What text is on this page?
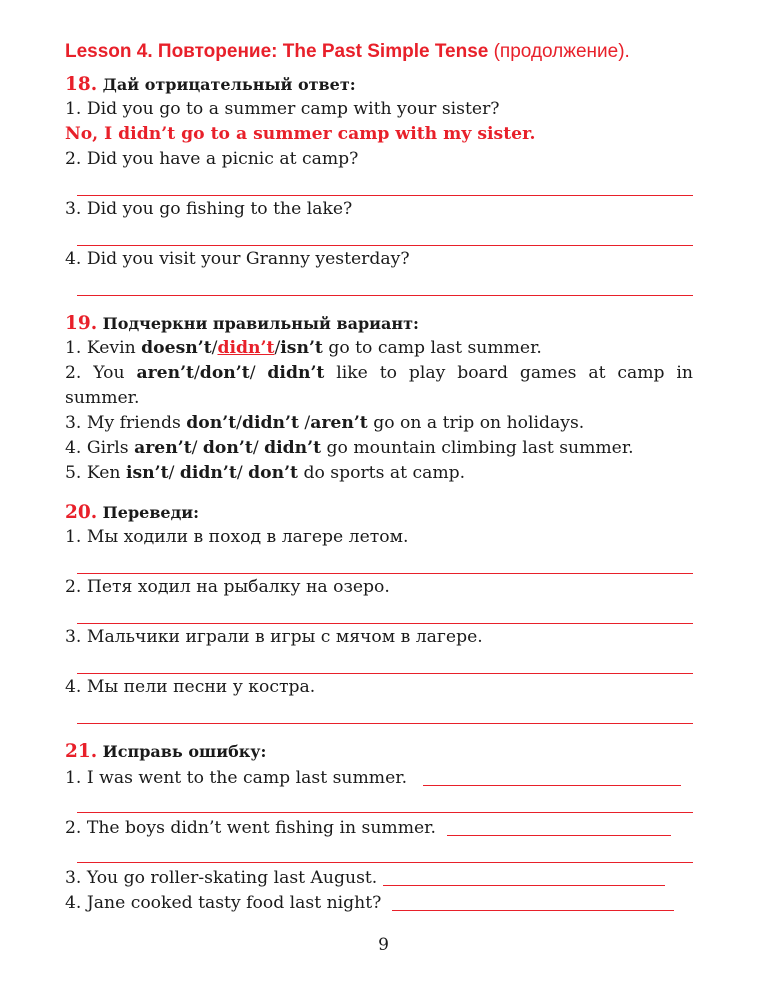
Lesson 4. Повторение: The Past Simple Tense (продолжение).
18. Дай отрицательный ответ:
1. Did you go to a summer camp with your sister?
No, I didn’t go to a summer camp with my sister.
2. Did you have a picnic at camp?
3. Did you go fishing to the lake?
4. Did you visit your Granny yesterday?
19. Подчеркни правильный вариант:
1. Kevin doesn’t/didn’t/isn’t go to camp last summer.
2. You aren’t/don’t/ didn’t like to play board games at camp in summer.
3. My friends don’t/didn’t /aren’t go on a trip on holidays.
4. Girls aren’t/ don’t/ didn’t go mountain climbing last summer.
5. Ken isn’t/ didn’t/ don’t do sports at camp.
20. Переведи:
1. Мы ходили в поход в лагере летом.
2. Петя ходил на рыбалку на озеро.
3. Мальчики играли в игры с мячом в лагере.
4. Мы пели песни у костра.
21. Исправь ошибку:
1. I was went to the camp last summer.
2. The boys didn’t went fishing in summer.
3. You go roller-skating last August.
4. Jane cooked tasty food last night?
9
